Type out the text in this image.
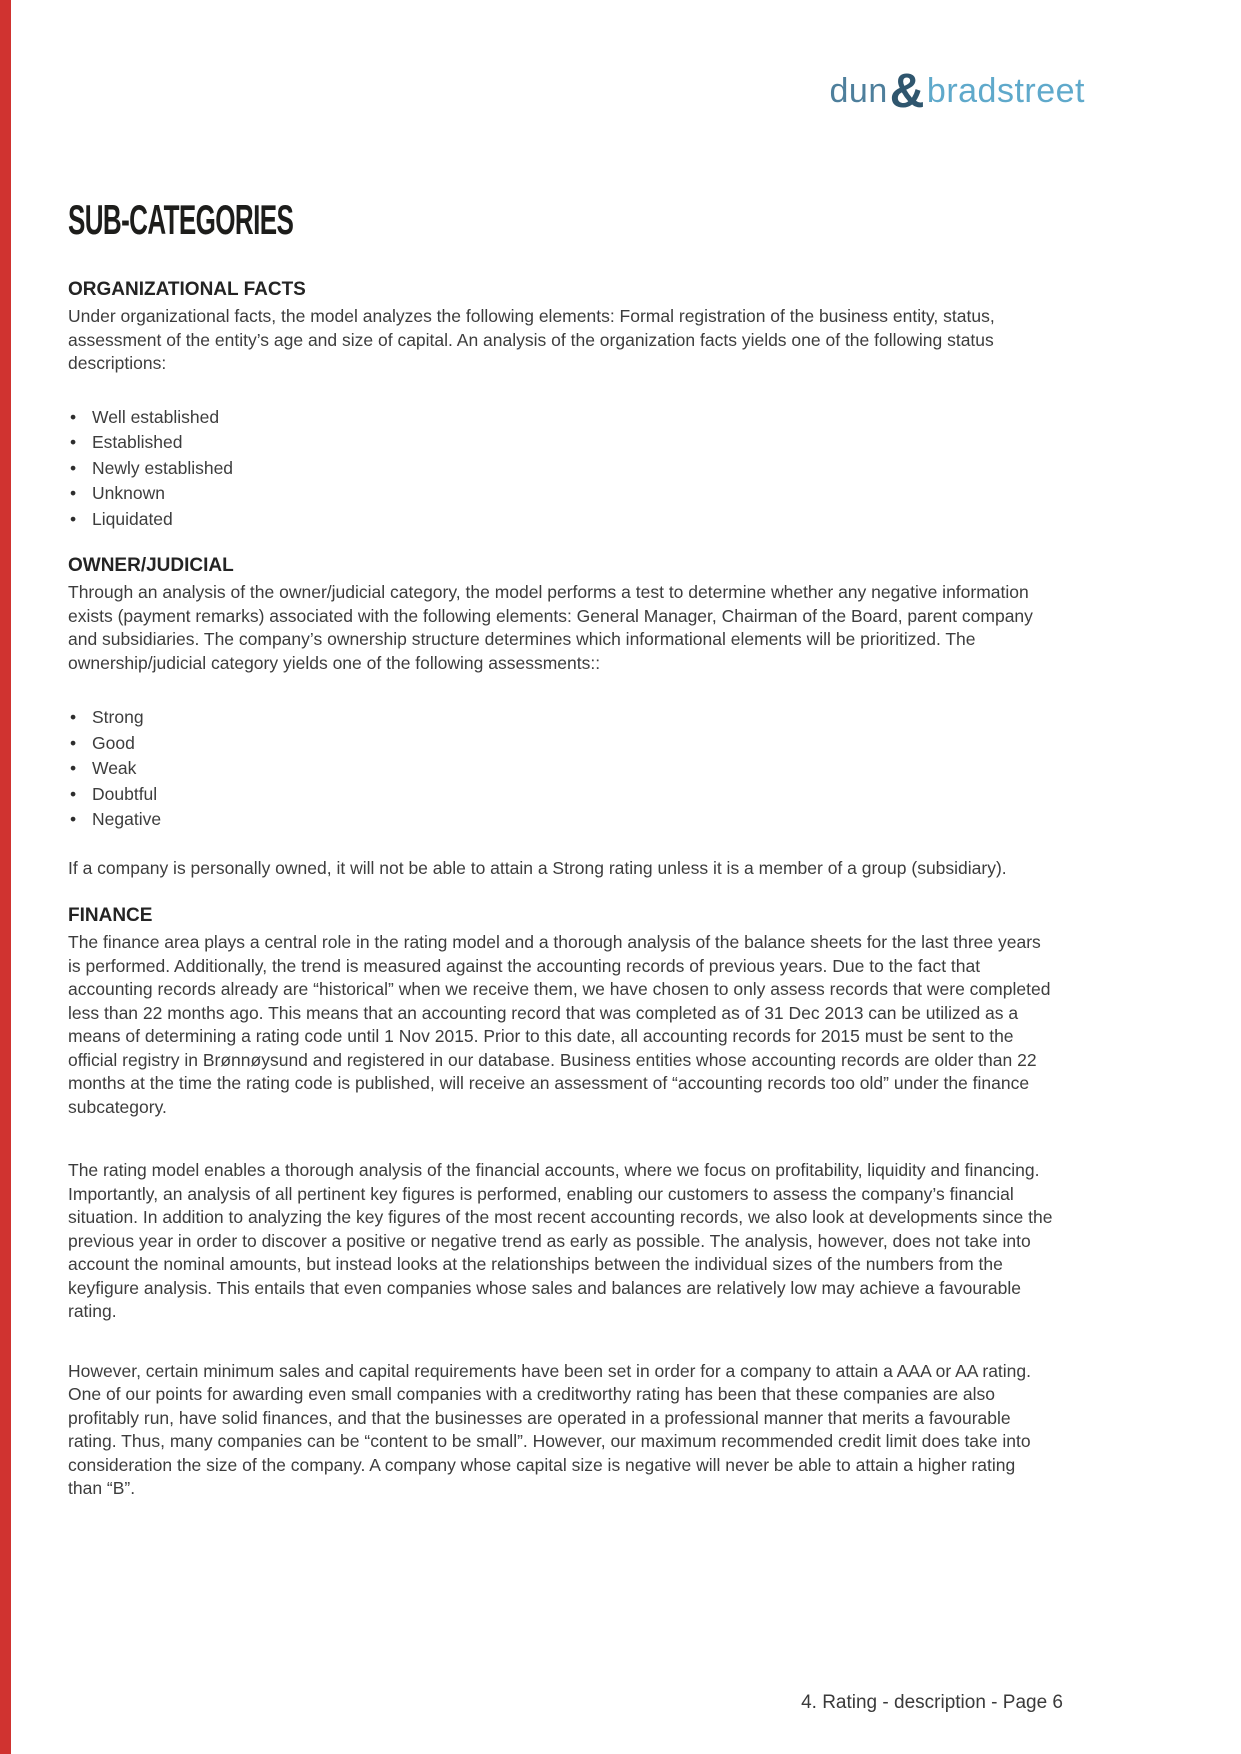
dun&bradstreet
SUB-CATEGORIES
ORGANIZATIONAL FACTS

Under organizational facts, the model analyzes the following elements: Formal registration of the business entity, status, assessment of the entity’s age and size of capital. An analysis of the organization facts yields one of the following status descriptions:

• Well established
• Established
• Newly established
• Unknown
• Liquidated
OWNER/JUDICIAL

Through an analysis of the owner/judicial category, the model performs a test to determine whether any negative information exists (payment remarks) associated with the following elements: General Manager, Chairman of the Board, parent company and subsidiaries. The company’s ownership structure determines which informational elements will be prioritized. The ownership/judicial category yields one of the following assessments::

• Strong
• Good
• Weak
• Doubtful
• Negative

If a company is personally owned, it will not be able to attain a Strong rating unless it is a member of a group (subsidiary).

FINANCE

The finance area plays a central role in the rating model and a thorough analysis of the balance sheets for the last three years is performed. Additionally, the trend is measured against the accounting records of previous years. Due to the fact that accounting records already are “historical” when we receive them, we have chosen to only assess records that were completed less than 22 months ago. This means that an accounting record that was completed as of 31 Dec 2013 can be utilized as a means of determining a rating code until 1 Nov 2015. Prior to this date, all accounting records for 2015 must be sent to the official registry in Brønnøysund and registered in our database. Business entities whose accounting records are older than 22 months at the time the rating code is published, will receive an assessment of “accounting records too old” under the finance subcategory.

The rating model enables a thorough analysis of the financial accounts, where we focus on profitability, liquidity and financing. Importantly, an analysis of all pertinent key figures is performed, enabling our customers to assess the company’s financial situation. In addition to analyzing the key figures of the most recent accounting records, we also look at developments since the previous year in order to discover a positive or negative trend as early as possible. The analysis, however, does not take into account the nominal amounts, but instead looks at the relationships between the individual sizes of the numbers from the keyfigure analysis. This entails that even companies whose sales and balances are relatively low may achieve a favourable rating.

However, certain minimum sales and capital requirements have been set in order for a company to attain a AAA or AA rating. One of our points for awarding even small companies with a creditworthy rating has been that these companies are also profitably run, have solid finances, and that the businesses are operated in a professional manner that merits a favourable rating. Thus, many companies can be “content to be small”. However, our maximum recommended credit limit does take into consideration the size of the company. A company whose capital size is negative will never be able to attain a higher rating than “B”.

4. Rating - description - Page 6
